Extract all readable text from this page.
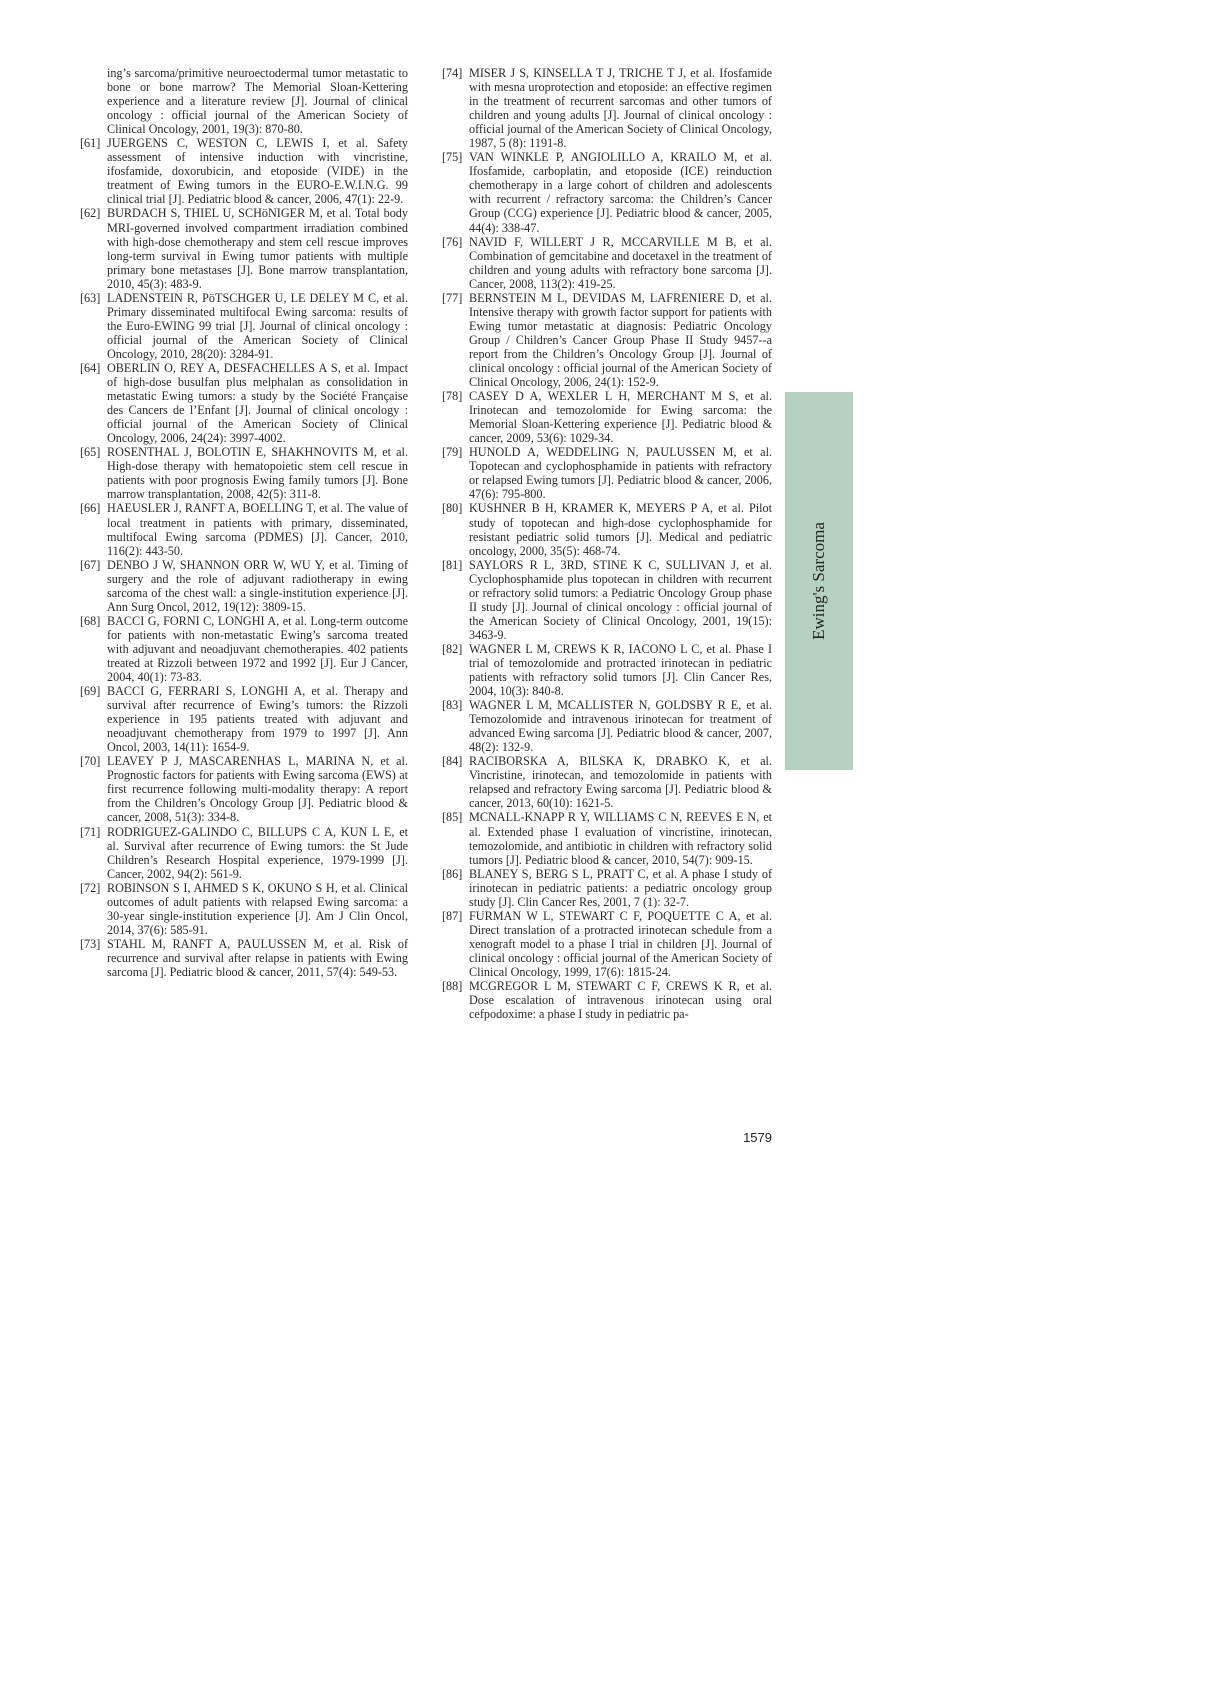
ing’s sarcoma/primitive neuroectodermal tumor metastatic to bone or bone marrow? The Memorial Sloan-Kettering experience and a literature review [J]. Journal of clinical oncology : official journal of the American Society of Clinical Oncology, 2001, 19(3): 870-80.

[61] JUERGENS C, WESTON C, LEWIS I, et al. Safety assessment of intensive induction with vincristine, ifosfamide, doxorubicin, and etoposide (VIDE) in the treatment of Ewing tumors in the EURO-E.W.I.N.G. 99 clinical trial [J]. Pediatric blood & cancer, 2006, 47(1): 22-9.

[62] BURDACH S, THIEL U, SCHöNIGER M, et al. Total body MRI-governed involved compartment irradiation combined with high-dose chemotherapy and stem cell rescue improves long-term survival in Ewing tumor patients with multiple primary bone metastases [J]. Bone marrow transplantation, 2010, 45(3): 483-9.

[63] LADENSTEIN R, PöTSCHGER U, LE DELEY M C, et al. Primary disseminated multifocal Ewing sarcoma: results of the Euro-EWING 99 trial [J]. Journal of clinical oncology : official journal of the American Society of Clinical Oncology, 2010, 28(20): 3284-91.

[64] OBERLIN O, REY A, DESFACHELLES A S, et al. Impact of high-dose busulfan plus melphalan as consolidation in metastatic Ewing tumors: a study by the Société Française des Cancers de l’Enfant [J]. Journal of clinical oncology : official journal of the American Society of Clinical Oncology, 2006, 24(24): 3997-4002.

[65] ROSENTHAL J, BOLOTIN E, SHAKHNOVITS M, et al. High-dose therapy with hematopoietic stem cell rescue in patients with poor prognosis Ewing family tumors [J]. Bone marrow transplantation, 2008, 42(5): 311-8.

[66] HAEUSLER J, RANFT A, BOELLING T, et al. The value of local treatment in patients with primary, disseminated, multifocal Ewing sarcoma (PDMES) [J]. Cancer, 2010, 116(2): 443-50.

[67] DENBO J W, SHANNON ORR W, WU Y, et al. Timing of surgery and the role of adjuvant radiotherapy in ewing sarcoma of the chest wall: a single-institution experience [J]. Ann Surg Oncol, 2012, 19(12): 3809-15.

[68] BACCI G, FORNI C, LONGHI A, et al. Long-term outcome for patients with non-metastatic Ewing’s sarcoma treated with adjuvant and neoadjuvant chemotherapies. 402 patients treated at Rizzoli between 1972 and 1992 [J]. Eur J Cancer, 2004, 40(1): 73-83.

[69] BACCI G, FERRARI S, LONGHI A, et al. Therapy and survival after recurrence of Ewing’s tumors: the Rizzoli experience in 195 patients treated with adjuvant and neoadjuvant chemotherapy from 1979 to 1997 [J]. Ann Oncol, 2003, 14(11): 1654-9.

[70] LEAVEY P J, MASCARENHAS L, MARINA N, et al. Prognostic factors for patients with Ewing sarcoma (EWS) at first recurrence following multi-modality therapy: A report from the Children’s Oncology Group [J]. Pediatric blood & cancer, 2008, 51(3): 334-8.

[71] RODRIGUEZ-GALINDO C, BILLUPS C A, KUN L E, et al. Survival after recurrence of Ewing tumors: the St Jude Children’s Research Hospital experience, 1979-1999 [J]. Cancer, 2002, 94(2): 561-9.

[72] ROBINSON S I, AHMED S K, OKUNO S H, et al. Clinical outcomes of adult patients with relapsed Ewing sarcoma: a 30-year single-institution experience [J]. Am J Clin Oncol, 2014, 37(6): 585-91.

[73] STAHL M, RANFT A, PAULUSSEN M, et al. Risk of recurrence and survival after relapse in patients with Ewing sarcoma [J]. Pediatric blood & cancer, 2011, 57(4): 549-53.

[74] MISER J S, KINSELLA T J, TRICHE T J, et al. Ifosfamide with mesna uroprotection and etoposide: an effective regimen in the treatment of recurrent sarcomas and other tumors of children and young adults [J]. Journal of clinical oncology : official journal of the American Society of Clinical Oncology, 1987, 5 (8): 1191-8.

[75] VAN WINKLE P, ANGIOLILLO A, KRAILO M, et al. Ifosfamide, carboplatin, and etoposide (ICE) reinduction chemotherapy in a large cohort of children and adolescents with recurrent / refractory sarcoma: the Children’s Cancer Group (CCG) experience [J]. Pediatric blood & cancer, 2005, 44(4): 338-47.

[76] NAVID F, WILLERT J R, MCCARVILLE M B, et al. Combination of gemcitabine and docetaxel in the treatment of children and young adults with refractory bone sarcoma [J]. Cancer, 2008, 113(2): 419-25.

[77] BERNSTEIN M L, DEVIDAS M, LAFRENIERE D, et al. Intensive therapy with growth factor support for patients with Ewing tumor metastatic at diagnosis: Pediatric Oncology Group / Children’s Cancer Group Phase II Study 9457--a report from the Children’s Oncology Group [J]. Journal of clinical oncology : official journal of the American Society of Clinical Oncology, 2006, 24(1): 152-9.

[78] CASEY D A, WEXLER L H, MERCHANT M S, et al. Irinotecan and temozolomide for Ewing sarcoma: the Memorial Sloan-Kettering experience [J]. Pediatric blood & cancer, 2009, 53(6): 1029-34.

[79] HUNOLD A, WEDDELING N, PAULUSSEN M, et al. Topotecan and cyclophosphamide in patients with refractory or relapsed Ewing tumors [J]. Pediatric blood & cancer, 2006, 47(6): 795-800.

[80] KUSHNER B H, KRAMER K, MEYERS P A, et al. Pilot study of topotecan and high-dose cyclophosphamide for resistant pediatric solid tumors [J]. Medical and pediatric oncology, 2000, 35(5): 468-74.

[81] SAYLORS R L, 3RD, STINE K C, SULLIVAN J, et al. Cyclophosphamide plus topotecan in children with recurrent or refractory solid tumors: a Pediatric Oncology Group phase II study [J]. Journal of clinical oncology : official journal of the American Society of Clinical Oncology, 2001, 19(15): 3463-9.

[82] WAGNER L M, CREWS K R, IACONO L C, et al. Phase I trial of temozolomide and protracted irinotecan in pediatric patients with refractory solid tumors [J]. Clin Cancer Res, 2004, 10(3): 840-8.

[83] WAGNER L M, MCALLISTER N, GOLDSBY R E, et al. Temozolomide and intravenous irinotecan for treatment of advanced Ewing sarcoma [J]. Pediatric blood & cancer, 2007, 48(2): 132-9.

[84] RACIBORSKA A, BILSKA K, DRABKO K, et al. Vincristine, irinotecan, and temozolomide in patients with relapsed and refractory Ewing sarcoma [J]. Pediatric blood & cancer, 2013, 60(10): 1621-5.

[85] MCNALL-KNAPP R Y, WILLIAMS C N, REEVES E N, et al. Extended phase I evaluation of vincristine, irinotecan, temozolomide, and antibiotic in children with refractory solid tumors [J]. Pediatric blood & cancer, 2010, 54(7): 909-15.

[86] BLANEY S, BERG S L, PRATT C, et al. A phase I study of irinotecan in pediatric patients: a pediatric oncology group study [J]. Clin Cancer Res, 2001, 7 (1): 32-7.

[87] FURMAN W L, STEWART C F, POQUETTE C A, et al. Direct translation of a protracted irinotecan schedule from a xenograft model to a phase I trial in children [J]. Journal of clinical oncology : official journal of the American Society of Clinical Oncology, 1999, 17(6): 1815-24.

[88] MCGREGOR L M, STEWART C F, CREWS K R, et al. Dose escalation of intravenous irinotecan using oral cefpodoxime: a phase I study in pediatric pa-

Ewing's Sarcoma
1579
